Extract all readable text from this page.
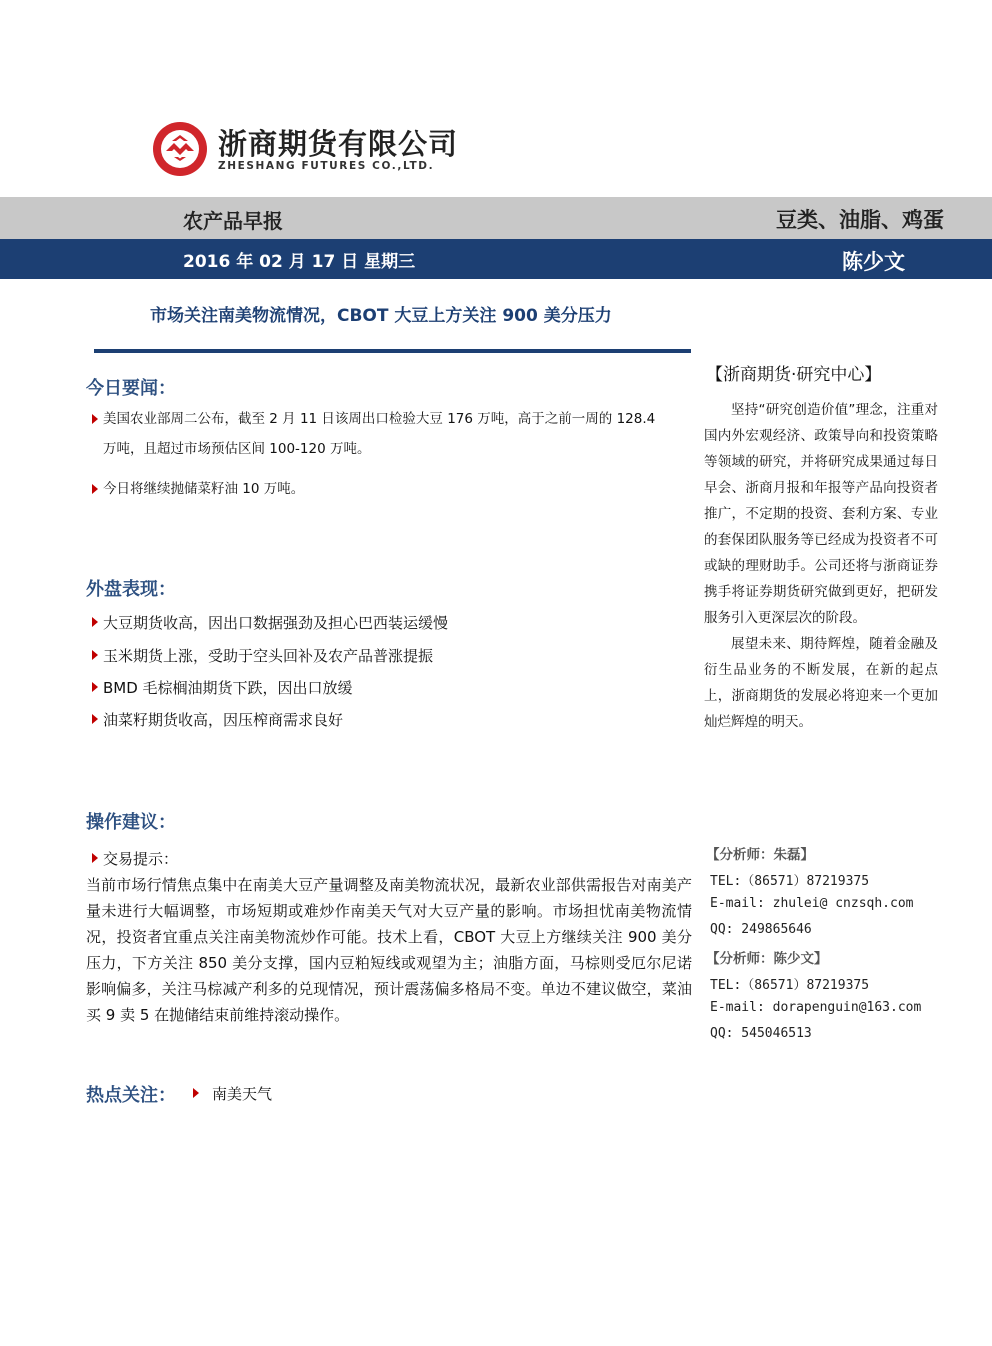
浙商期货有限公司
ZHESHANG FUTURES CO.,LTD.
农产品早报	豆类、油脂、鸡蛋
2016 年 02 月 17 日 星期三	陈少文
市场关注南美物流情况，CBOT 大豆上方关注 900 美分压力
今日要闻：
美国农业部周二公布，截至 2 月 11 日该周出口检验大豆 176 万吨，高于之前一周的 128.4
万吨，且超过市场预估区间 100-120 万吨。
今日将继续抛储菜籽油 10 万吨。
外盘表现：
大豆期货收高，因出口数据强劲及担心巴西装运缓慢
玉米期货上涨，受助于空头回补及农产品普涨提振
BMD 毛棕榈油期货下跌，因出口放缓
油菜籽期货收高，因压榨商需求良好
操作建议：
交易提示：
当前市场行情焦点集中在南美大豆产量调整及南美物流状况，最新农业部供需报告对南美产量未进行大幅调整，市场短期或难炒作南美天气对大豆产量的影响。市场担忧南美物流情况，投资者宜重点关注南美物流炒作可能。技术上看，CBOT 大豆上方继续关注 900 美分压力，下方关注 850 美分支撑，国内豆粕短线或观望为主；油脂方面，马棕则受厄尔尼诺影响偏多，关注马棕减产利多的兑现情况，预计震荡偏多格局不变。单边不建议做空，菜油买 9 卖 5 在抛储结束前维持滚动操作。
热点关注： 南美天气
【浙商期货·研究中心】

坚持“研究创造价值”理念，注重对国内外宏观经济、政策导向和投资策略等领域的研究，并将研究成果通过每日早会、浙商月报和年报等产品向投资者推广，不定期的投资、套利方案、专业的套保团队服务等已经成为投资者不可或缺的理财助手。公司还将与浙商证券携手将证券期货研究做到更好，把研发服务引入更深层次的阶段。

展望未来、期待辉煌，随着金融及衍生品业务的不断发展，在新的起点上，浙商期货的发展必将迎来一个更加灿烂辉煌的明天。

【分析师：朱磊】
TEL:（86571）87219375
E-mail: zhulei@ cnzsqh.com
QQ: 249865646
【分析师：陈少文】
TEL:（86571）87219375
E-mail: dorapenguin@163.com
QQ: 545046513
